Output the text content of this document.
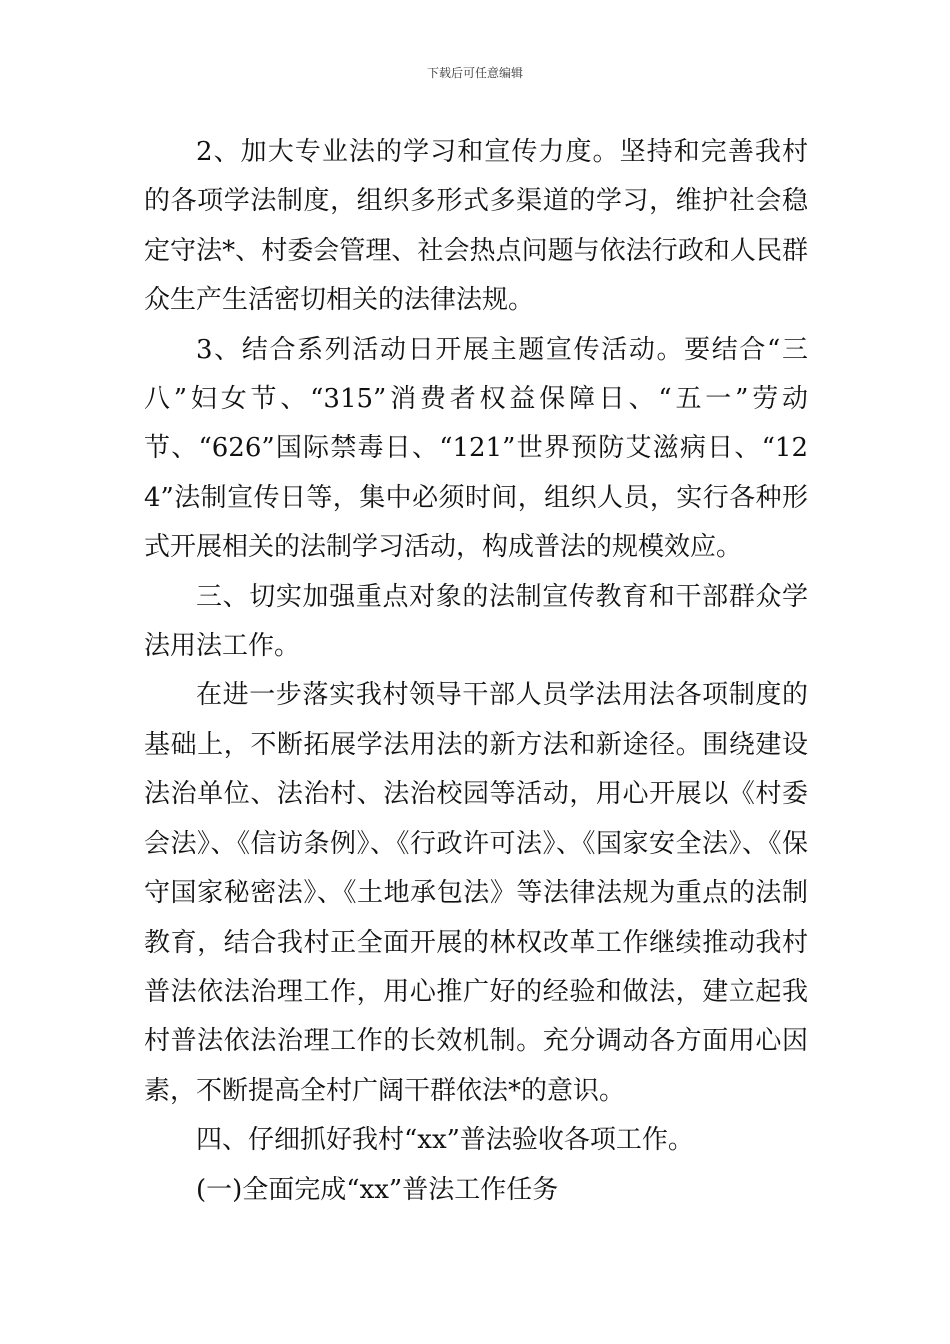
下载后可任意编辑

2、加大专业法的学习和宣传力度。坚持和完善我村的各项学法制度，组织多形式多渠道的学习，维护社会稳定守法*、村委会管理、社会热点问题与依法行政和人民群众生产生活密切相关的法律法规。

3、结合系列活动日开展主题宣传活动。要结合“三八”妇女节、“315”消费者权益保障日、“五一”劳动节、“626”国际禁毒日、“121”世界预防艾滋病日、“124”法制宣传日等，集中必须时间，组织人员，实行各种形式开展相关的法制学习活动，构成普法的规模效应。

三、切实加强重点对象的法制宣传教育和干部群众学法用法工作。

在进一步落实我村领导干部人员学法用法各项制度的基础上，不断拓展学法用法的新方法和新途径。围绕建设法治单位、法治村、法治校园等活动，用心开展以《村委会法》、《信访条例》、《行政许可法》、《国家安全法》、《保守国家秘密法》、《土地承包法》等法律法规为重点的法制教育，结合我村正全面开展的林权改革工作继续推动我村普法依法治理工作，用心推广好的经验和做法，建立起我村普法依法治理工作的长效机制。充分调动各方面用心因素，不断提高全村广阔干群依法*的意识。

四、仔细抓好我村“xx”普法验收各项工作。

(一)全面完成“xx”普法工作任务
